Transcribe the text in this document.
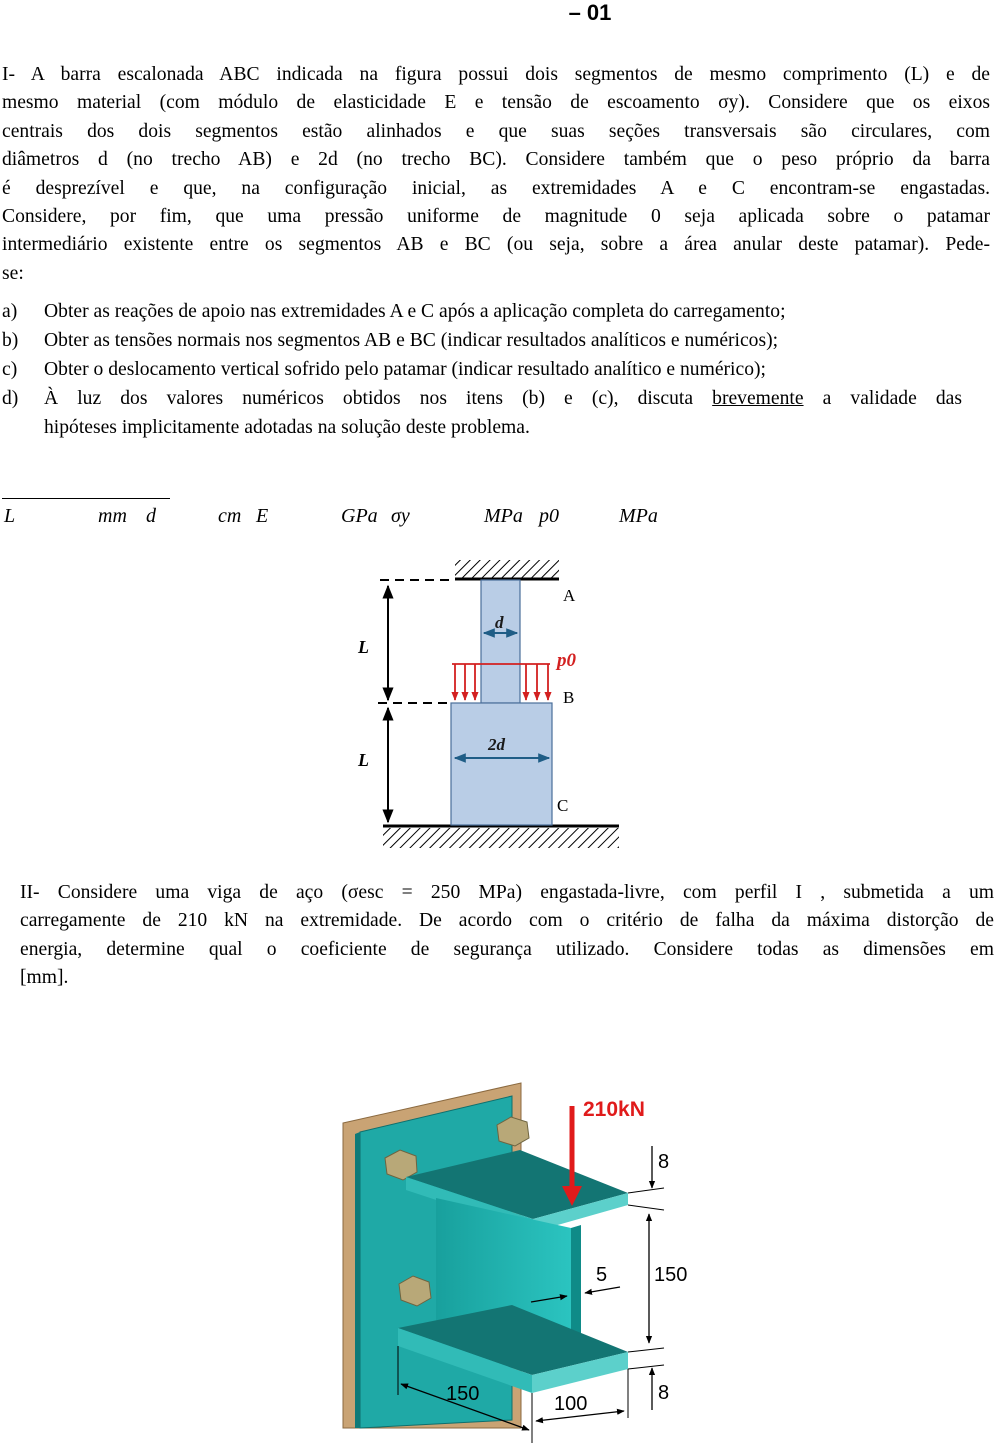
– 01
I- A barra escalonada ABC indicada na figura possui dois segmentos de mesmo comprimento (L) e de
mesmo material (com módulo de elasticidade E e tensão de escoamento σy). Considere que os eixos
centrais dos dois segmentos estão alinhados e que suas seções transversais são circulares, com
diâmetros d (no trecho AB) e 2d (no trecho BC). Considere também que o peso próprio da barra
é desprezível e que, na configuração inicial, as extremidades A e C encontram-se engastadas.
Considere, por fim, que uma pressão uniforme de magnitude 0 seja aplicada sobre o patamar
intermediário existente entre os segmentos AB e BC (ou seja, sobre a área anular deste patamar). Pede-
se:
a) Obter as reações de apoio nas extremidades A e C após a aplicação completa do carregamento;
b) Obter as tensões normais nos segmentos AB e BC (indicar resultados analíticos e numéricos);
c) Obter o deslocamento vertical sofrido pelo patamar (indicar resultado analítico e numérico);
d) À luz dos valores numéricos obtidos nos itens (b) e (c), discuta brevemente a validade das
hipóteses implicitamente adotadas na solução deste problema.
L	mm d	cm E	GPa σy	MPa p0	MPa
L
L
d
2d
p0
A
B
C
II- Considere uma viga de aço (σesc = 250 MPa) engastada-livre, com perfil I , submetida a um
carregamente de 210 kN na extremidade. De acordo com o critério de falha da máxima distorção de
energia, determine qual o coeficiente de segurança utilizado. Considere todas as dimensões em
[mm].
210kN
8
150
5
8
150	100
